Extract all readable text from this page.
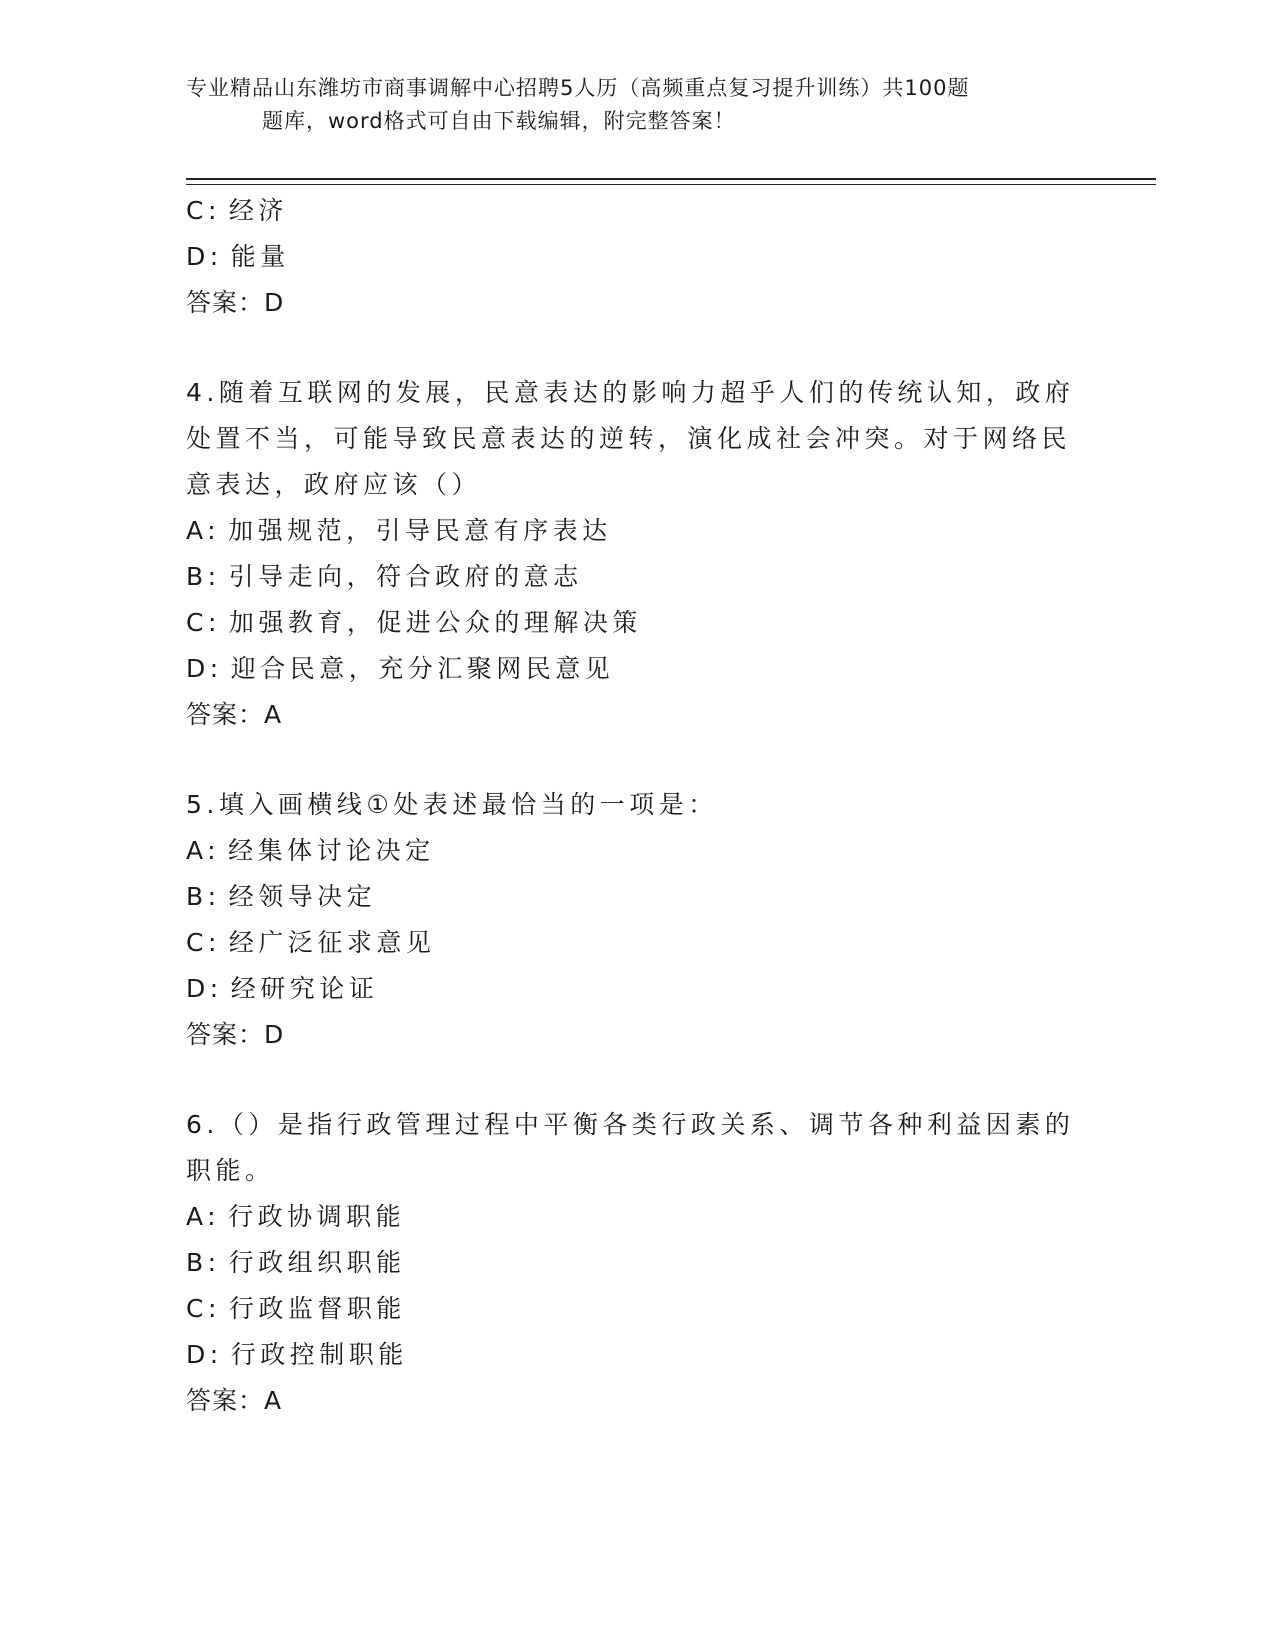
专业精品山东潍坊市商事调解中心招聘5人历（高频重点复习提升训练）共100题
题库，word格式可自由下载编辑，附完整答案！
C: 经济
D: 能量
答案：D
4.随着互联网的发展，民意表达的影响力超乎人们的传统认知，政府
处置不当，可能导致民意表达的逆转，演化成社会冲突。对于网络民
意表达，政府应该（）
A: 加强规范，引导民意有序表达
B: 引导走向，符合政府的意志
C: 加强教育，促进公众的理解决策
D: 迎合民意，充分汇聚网民意见
答案：A
5.填入画横线①处表述最恰当的一项是：
A: 经集体讨论决定
B: 经领导决定
C: 经广泛征求意见
D: 经研究论证
答案：D
6.（）是指行政管理过程中平衡各类行政关系、调节各种利益因素的
职能。
A: 行政协调职能
B: 行政组织职能
C: 行政监督职能
D: 行政控制职能
答案：A
